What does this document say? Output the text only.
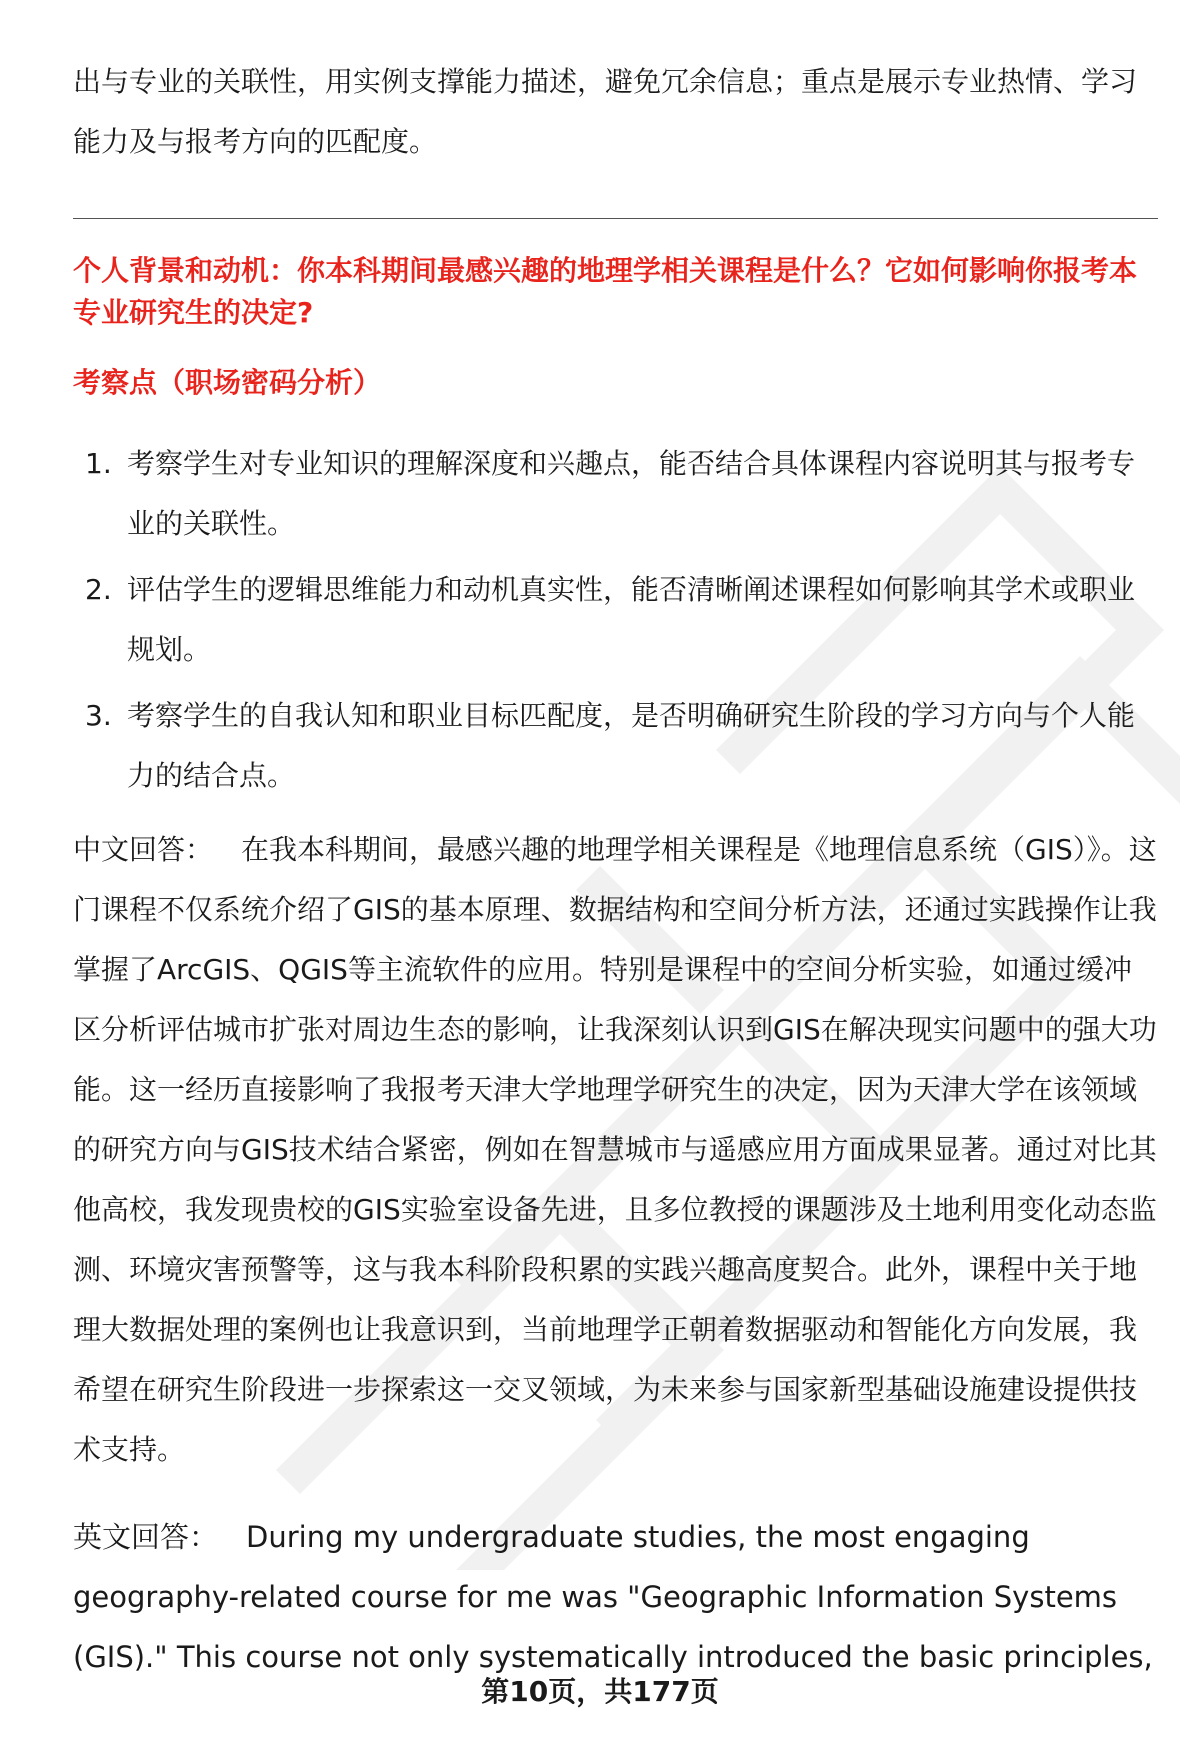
出与专业的关联性，用实例支撑能力描述，避免冗余信息；重点是展示专业热情、学习能力及与报考方向的匹配度。
个人背景和动机：你本科期间最感兴趣的地理学相关课程是什么？它如何影响你报考本专业研究生的决定?
考察点（职场密码分析）
1. 考察学生对专业知识的理解深度和兴趣点，能否结合具体课程内容说明其与报考专业的关联性。
2. 评估学生的逻辑思维能力和动机真实性，能否清晰阐述课程如何影响其学术或职业规划。
3. 考察学生的自我认知和职业目标匹配度，是否明确研究生阶段的学习方向与个人能力的结合点。

中文回答： 在我本科期间，最感兴趣的地理学相关课程是《地理信息系统（GIS）》。这门课程不仅系统介绍了GIS的基本原理、数据结构和空间分析方法，还通过实践操作让我掌握了ArcGIS、QGIS等主流软件的应用。特别是课程中的空间分析实验，如通过缓冲区分析评估城市扩张对周边生态的影响，让我深刻认识到GIS在解决现实问题中的强大功能。这一经历直接影响了我报考天津大学地理学研究生的决定，因为天津大学在该领域的研究方向与GIS技术结合紧密，例如在智慧城市与遥感应用方面成果显著。通过对比其他高校，我发现贵校的GIS实验室设备先进，且多位教授的课题涉及土地利用变化动态监测、环境灾害预警等，这与我本科阶段积累的实践兴趣高度契合。此外，课程中关于地理大数据处理的案例也让我意识到，当前地理学正朝着数据驱动和智能化方向发展，我希望在研究生阶段进一步探索这一交叉领域，为未来参与国家新型基础设施建设提供技术支持。

英文回答： During my undergraduate studies, the most engaging geography-related course for me was "Geographic Information Systems (GIS)." This course not only systematically introduced the basic principles,

第10页，共177页
